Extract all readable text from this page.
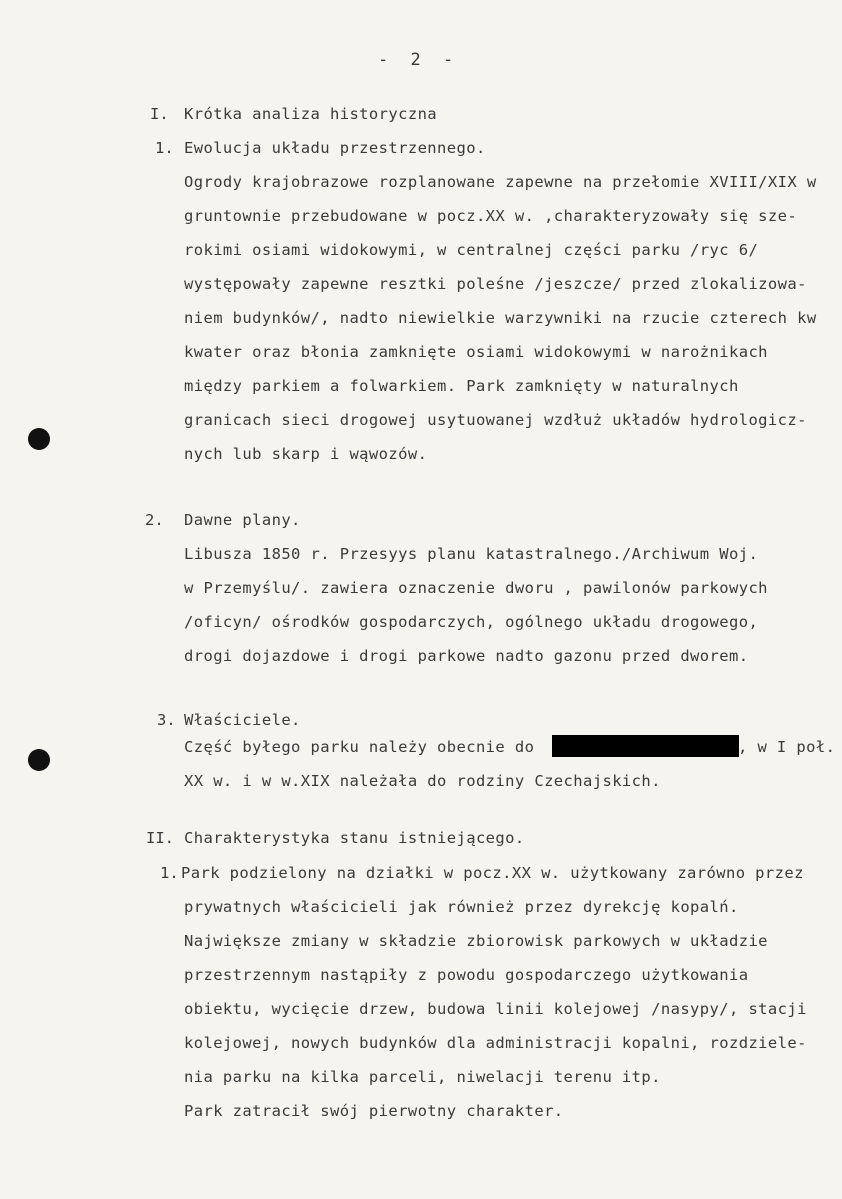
- 2 -
I. Krótka analiza historyczna
1. Ewolucja układu przestrzennego.
Ogrody krajobrazowe rozplanowane zapewne na przełomie XVIII/XIX w
gruntownie przebudowane w pocz.XX w. ,charakteryzowały się sze-
rokimi osiami widokowymi, w centralnej części parku /ryc 6/
występowały zapewne resztki poleśne /jeszcze/ przed zlokalizowa-
niem budynków/, nadto niewielkie warzywniki na rzucie czterech kw
kwater oraz błonia zamknięte osiami widokowymi w narożnikach
między parkiem a folwarkiem. Park zamknięty w naturalnych
granicach sieci drogowej usytuowanej wzdłuż układów hydrologicz-
nych lub skarp i wąwozów.
2. Dawne plany.
Libusza 1850 r. Przesyys planu katastralnego./Archiwum Woj.
w Przemyślu/. zawiera oznaczenie dworu , pawilonów parkowych
/oficyn/ ośrodków gospodarczych, ogólnego układu drogowego,
drogi dojazdowe i drogi parkowe nadto gazonu przed dworem.
3. Właściciele.
Część byłego parku należy obecnie do	, w I poł.
XX w. i w w.XIX należała do rodziny Czechajskich.
II. Charakterystyka stanu istniejącego.
1. Park podzielony na działki w pocz.XX w. użytkowany zarówno przez
prywatnych właścicieli jak również przez dyrekcję kopalń.
Największe zmiany w składzie zbiorowisk parkowych w układzie
przestrzennym nastąpiły z powodu gospodarczego użytkowania
obiektu, wycięcie drzew, budowa linii kolejowej /nasypy/, stacji
kolejowej, nowych budynków dla administracji kopalni, rozdziele-
nia parku na kilka parceli, niwelacji terenu itp.
Park zatracił swój pierwotny charakter.
